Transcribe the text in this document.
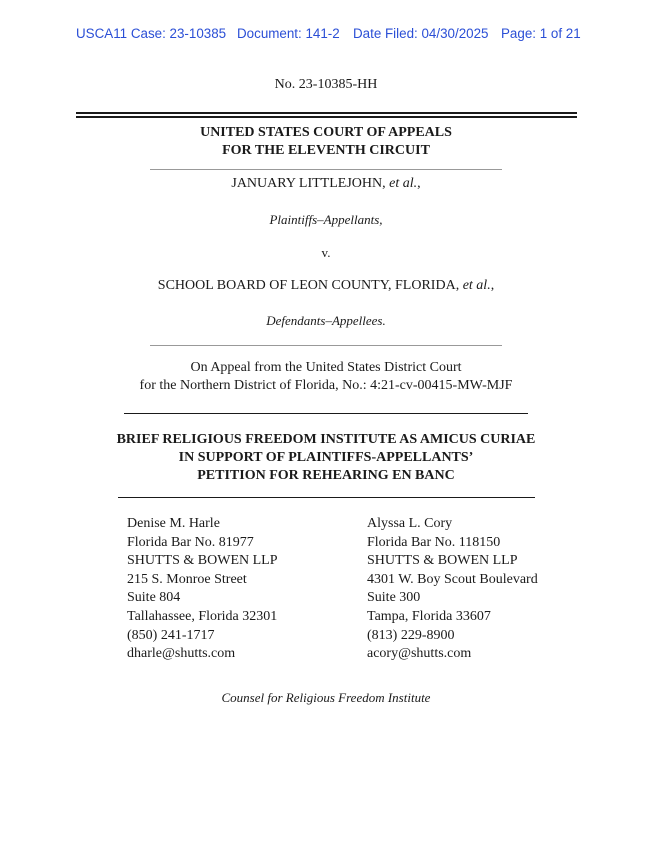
USCA11 Case: 23-10385 Document: 141-2 Date Filed: 04/30/2025 Page: 1 of 21
No. 23-10385-HH
UNITED STATES COURT OF APPEALS
FOR THE ELEVENTH CIRCUIT
JANUARY LITTLEJOHN, et al.,
Plaintiffs–Appellants,
v.
SCHOOL BOARD OF LEON COUNTY, FLORIDA, et al.,
Defendants–Appellees.
On Appeal from the United States District Court
for the Northern District of Florida, No.: 4:21-cv-00415-MW-MJF
BRIEF RELIGIOUS FREEDOM INSTITUTE AS AMICUS CURIAE
IN SUPPORT OF PLAINTIFFS-APPELLANTS’
PETITION FOR REHEARING EN BANC
Denise M. Harle
Florida Bar No. 81977
SHUTTS & BOWEN LLP
215 S. Monroe Street
Suite 804
Tallahassee, Florida 32301
(850) 241-1717
dharle@shutts.com
Alyssa L. Cory
Florida Bar No. 118150
SHUTTS & BOWEN LLP
4301 W. Boy Scout Boulevard
Suite 300
Tampa, Florida 33607
(813) 229-8900
acory@shutts.com
Counsel for Religious Freedom Institute
